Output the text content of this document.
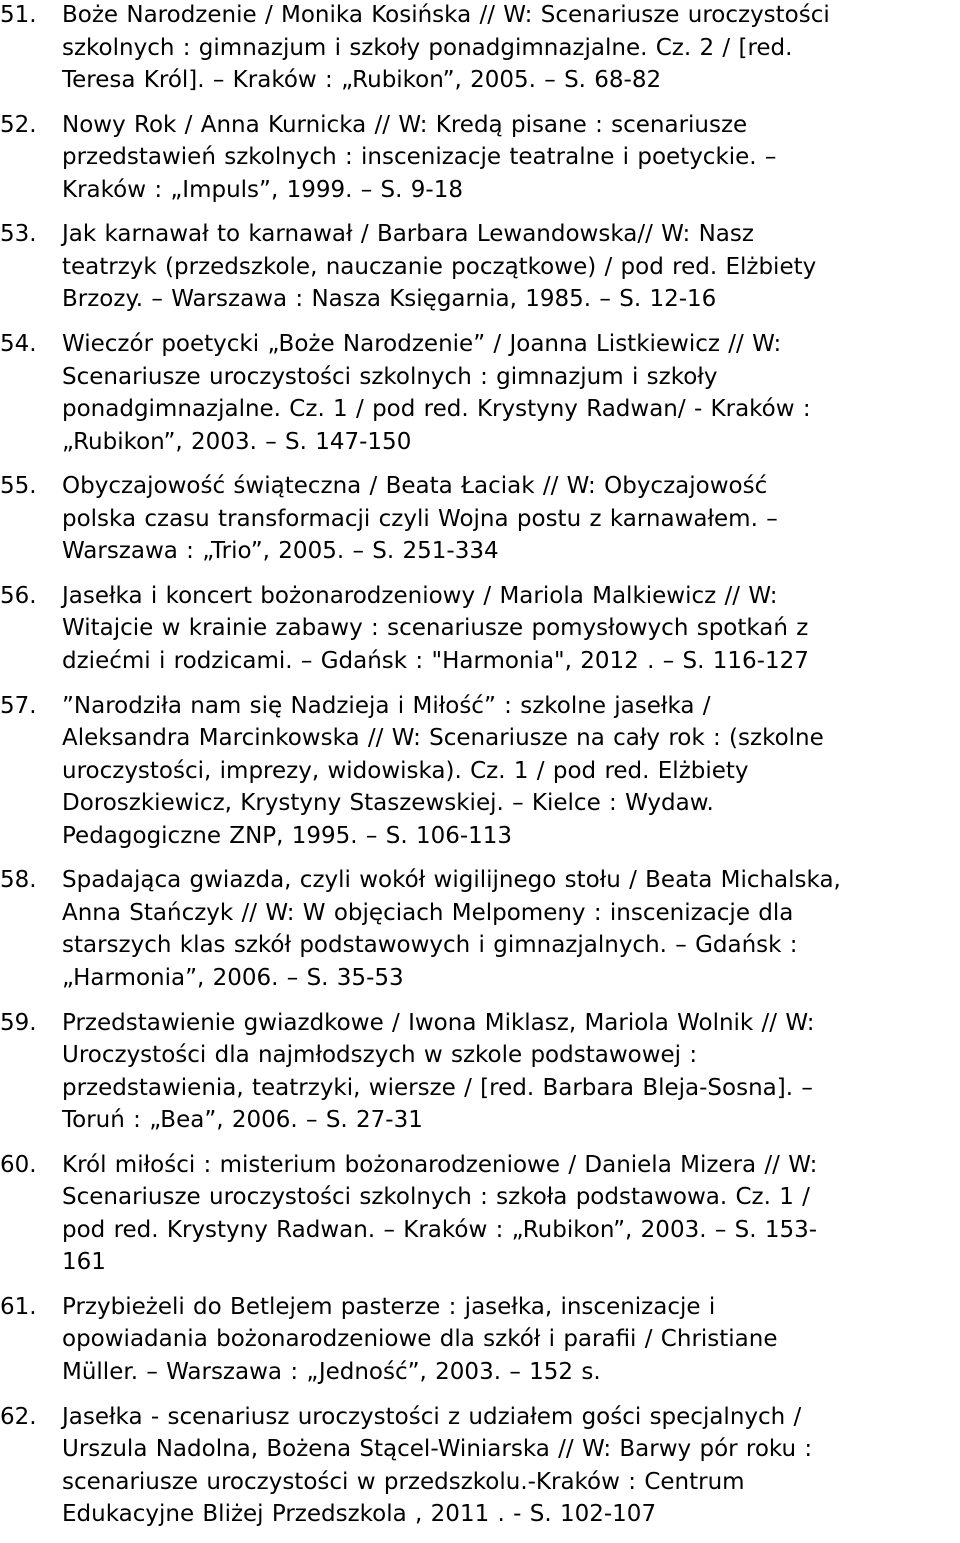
51.	Boże Narodzenie / Monika Kosińska // W: Scenariusze uroczystości
szkolnych : gimnazjum i szkoły ponadgimnazjalne. Cz. 2 / [red.
Teresa Król]. – Kraków : „Rubikon”, 2005. – S. 68-82
52.	Nowy Rok / Anna Kurnicka // W: Kredą pisane : scenariusze
przedstawień szkolnych : inscenizacje teatralne i poetyckie. –
Kraków : „Impuls”, 1999. – S. 9-18
53.	Jak karnawał to karnawał / Barbara Lewandowska// W: Nasz
teatrzyk (przedszkole, nauczanie początkowe) / pod red. Elżbiety
Brzozy. – Warszawa : Nasza Księgarnia, 1985. – S. 12-16
54.	Wieczór poetycki „Boże Narodzenie” / Joanna Listkiewicz // W:
Scenariusze uroczystości szkolnych : gimnazjum i szkoły
ponadgimnazjalne. Cz. 1 / pod red. Krystyny Radwan/ - Kraków :
„Rubikon”, 2003. – S. 147-150
55.	Obyczajowość świąteczna / Beata Łaciak // W: Obyczajowość
polska czasu transformacji czyli Wojna postu z karnawałem. –
Warszawa : „Trio”, 2005. – S. 251-334
56.	Jasełka i koncert bożonarodzeniowy / Mariola Malkiewicz // W:
Witajcie w krainie zabawy : scenariusze pomysłowych spotkań z
dziećmi i rodzicami. – Gdańsk : "Harmonia", 2012 . – S. 116-127
57.	”Narodziła nam się Nadzieja i Miłość” : szkolne jasełka /
Aleksandra Marcinkowska // W: Scenariusze na cały rok : (szkolne
uroczystości, imprezy, widowiska). Cz. 1 / pod red. Elżbiety
Doroszkiewicz, Krystyny Staszewskiej. – Kielce : Wydaw.
Pedagogiczne ZNP, 1995. – S. 106-113
58.	Spadająca gwiazda, czyli wokół wigilijnego stołu / Beata Michalska,
Anna Stańczyk // W: W objęciach Melpomeny : inscenizacje dla
starszych klas szkół podstawowych i gimnazjalnych. – Gdańsk :
„Harmonia”, 2006. – S. 35-53
59.	Przedstawienie gwiazdkowe / Iwona Miklasz, Mariola Wolnik // W:
Uroczystości dla najmłodszych w szkole podstawowej :
przedstawienia, teatrzyki, wiersze / [red. Barbara Bleja-Sosna]. –
Toruń : „Bea”, 2006. – S. 27-31
60.	Król miłości : misterium bożonarodzeniowe / Daniela Mizera // W:
Scenariusze uroczystości szkolnych : szkoła podstawowa. Cz. 1 /
pod red. Krystyny Radwan. – Kraków : „Rubikon”, 2003. – S. 153-
161
61.	Przybieżeli do Betlejem pasterze : jasełka, inscenizacje i
opowiadania bożonarodzeniowe dla szkół i parafii / Christiane
Müller. – Warszawa : „Jedność”, 2003. – 152 s.
62.	Jasełka - scenariusz uroczystości z udziałem gości specjalnych /
Urszula Nadolna, Bożena Stącel-Winiarska // W: Barwy pór roku :
scenariusze uroczystości w przedszkolu.-Kraków : Centrum
Edukacyjne Bliżej Przedszkola , 2011 . - S. 102-107
